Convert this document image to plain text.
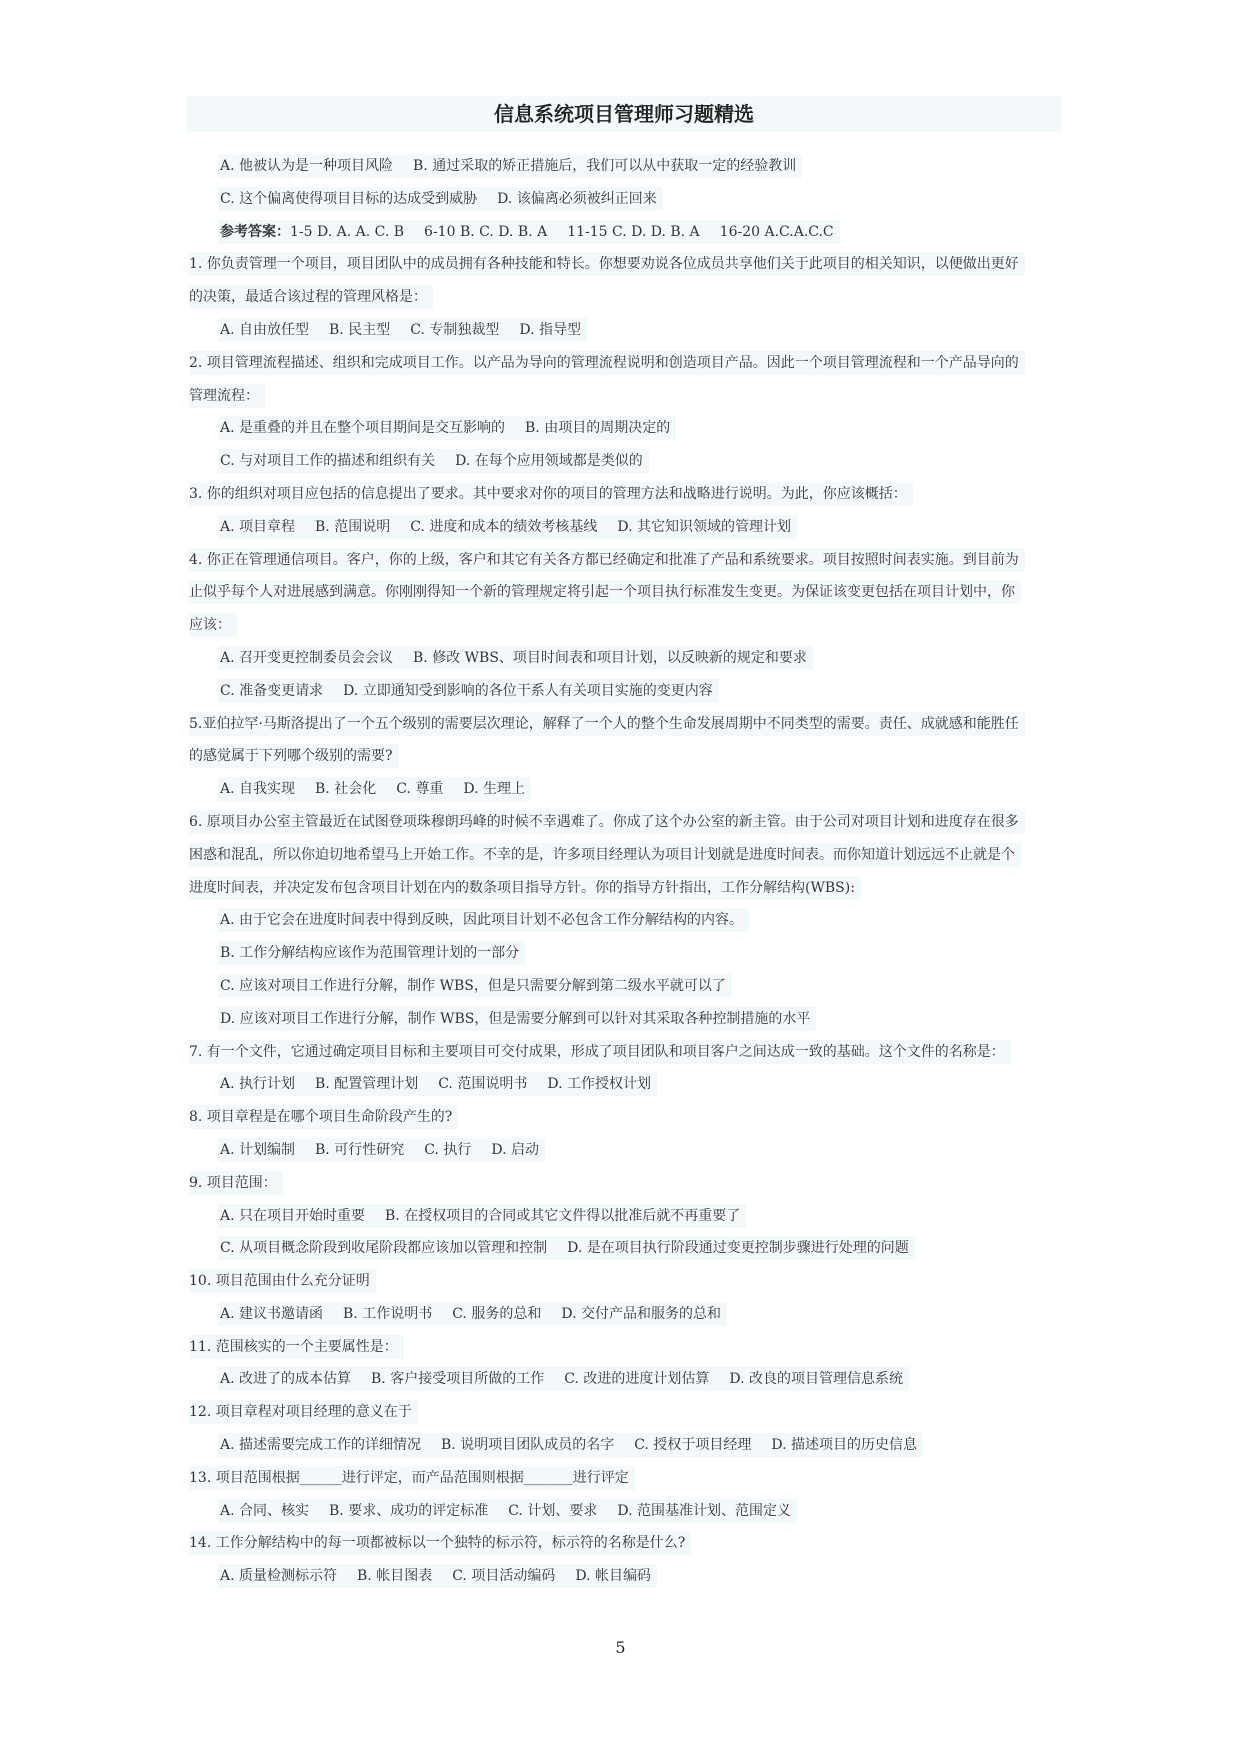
信息系统项目管理师习题精选
A. 他被认为是一种项目风险 B. 通过采取的矫正措施后，我们可以从中获取一定的经验教训
C. 这个偏离使得项目目标的达成受到威胁 D. 该偏离必须被纠正回来
参考答案：1-5 D. A. A. C. B 6-10 B. C. D. B. A 11-15 C. D. D. B. A 16-20 A.C.A.C.C
1. 你负责管理一个项目，项目团队中的成员拥有各种技能和特长。你想要劝说各位成员共享他们关于此项目的相关知识，以便做出更好
的决策，最适合该过程的管理风格是：
A. 自由放任型 B. 民主型 C. 专制独裁型 D. 指导型
2. 项目管理流程描述、组织和完成项目工作。以产品为导向的管理流程说明和创造项目产品。因此一个项目管理流程和一个产品导向的
管理流程：
A. 是重叠的并且在整个项目期间是交互影响的 B. 由项目的周期决定的
C. 与对项目工作的描述和组织有关 D. 在每个应用领域都是类似的
3. 你的组织对项目应包括的信息提出了要求。其中要求对你的项目的管理方法和战略进行说明。为此，你应该概括：
A. 项目章程 B. 范围说明 C. 进度和成本的绩效考核基线 D. 其它知识领域的管理计划
4. 你正在管理通信项目。客户，你的上级，客户和其它有关各方都已经确定和批准了产品和系统要求。项目按照时间表实施。到目前为
止似乎每个人对进展感到满意。你刚刚得知一个新的管理规定将引起一个项目执行标准发生变更。为保证该变更包括在项目计划中，你
应该：
A. 召开变更控制委员会会议 B. 修改 WBS、项目时间表和项目计划，以反映新的规定和要求
C. 准备变更请求 D. 立即通知受到影响的各位干系人有关项目实施的变更内容
5.亚伯拉罕·马斯洛提出了一个五个级别的需要层次理论，解释了一个人的整个生命发展周期中不同类型的需要。责任、成就感和能胜任
的感觉属于下列哪个级别的需要?
A. 自我实现 B. 社会化 C. 尊重 D. 生理上
6. 原项目办公室主管最近在试图登项珠穆朗玛峰的时候不幸遇难了。你成了这个办公室的新主管。由于公司对项目计划和进度存在很多
困惑和混乱，所以你迫切地希望马上开始工作。不幸的是，许多项目经理认为项目计划就是进度时间表。而你知道计划远远不止就是个
进度时间表，并决定发布包含项目计划在内的数条项目指导方针。你的指导方针指出，工作分解结构(WBS):
A. 由于它会在进度时间表中得到反映，因此项目计划不必包含工作分解结构的内容。
B. 工作分解结构应该作为范围管理计划的一部分
C. 应该对项目工作进行分解，制作 WBS，但是只需要分解到第二级水平就可以了
D. 应该对项目工作进行分解，制作 WBS，但是需要分解到可以针对其采取各种控制措施的水平
7. 有一个文件，它通过确定项目目标和主要项目可交付成果，形成了项目团队和项目客户之间达成一致的基础。这个文件的名称是：
A. 执行计划 B. 配置管理计划 C. 范围说明书 D. 工作授权计划
8. 项目章程是在哪个项目生命阶段产生的?
A. 计划编制 B. 可行性研究 C. 执行 D. 启动
9. 项目范围：
A. 只在项目开始时重要 B. 在授权项目的合同或其它文件得以批准后就不再重要了
C. 从项目概念阶段到收尾阶段都应该加以管理和控制 D. 是在项目执行阶段通过变更控制步骤进行处理的问题
10. 项目范围由什么充分证明
A. 建议书邀请函 B. 工作说明书 C. 服务的总和 D. 交付产品和服务的总和
11. 范围核实的一个主要属性是：
A. 改进了的成本估算 B. 客户接受项目所做的工作 C. 改进的进度计划估算 D. 改良的项目管理信息系统
12. 项目章程对项目经理的意义在于
A. 描述需要完成工作的详细情况 B. 说明项目团队成员的名字 C. 授权于项目经理 D. 描述项目的历史信息
13. 项目范围根据______进行评定，而产品范围则根据_______进行评定
A. 合同、核实 B. 要求、成功的评定标准 C. 计划、要求 D. 范围基准计划、范围定义
14. 工作分解结构中的每一项都被标以一个独特的标示符，标示符的名称是什么?
A. 质量检测标示符 B. 帐目图表 C. 项目活动编码 D. 帐目编码
5
